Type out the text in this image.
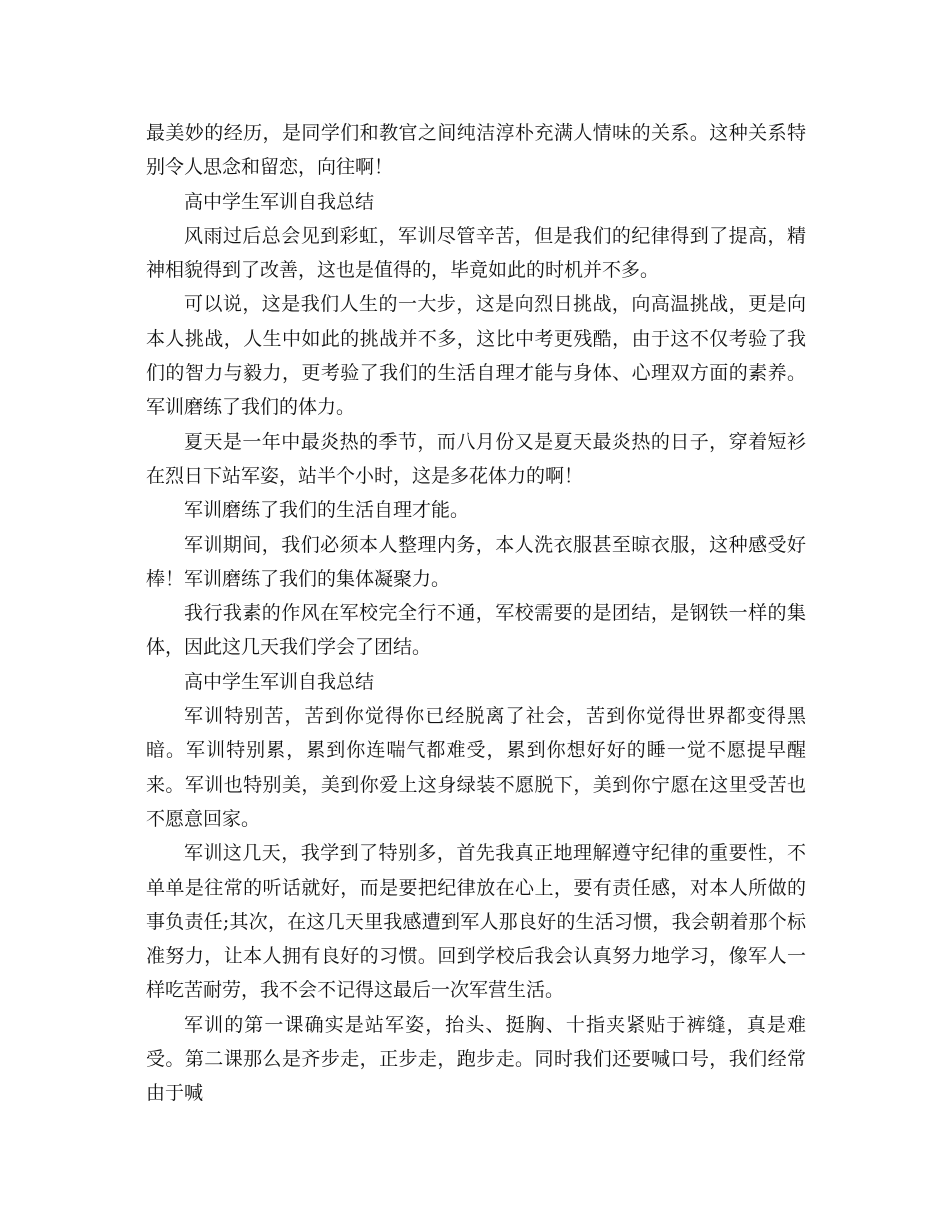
最美妙的经历，是同学们和教官之间纯洁淳朴充满人情味的关系。这种关系特别令人思念和留恋，向往啊！

高中学生军训自我总结

风雨过后总会见到彩虹，军训尽管辛苦，但是我们的纪律得到了提高，精神相貌得到了改善，这也是值得的，毕竟如此的时机并不多。

可以说，这是我们人生的一大步，这是向烈日挑战，向高温挑战，更是向本人挑战，人生中如此的挑战并不多，这比中考更残酷，由于这不仅考验了我们的智力与毅力，更考验了我们的生活自理才能与身体、心理双方面的素养。军训磨练了我们的体力。

夏天是一年中最炎热的季节，而八月份又是夏天最炎热的日子，穿着短衫在烈日下站军姿，站半个小时，这是多花体力的啊！

军训磨练了我们的生活自理才能。

军训期间，我们必须本人整理内务，本人洗衣服甚至晾衣服，这种感受好棒！军训磨练了我们的集体凝聚力。

我行我素的作风在军校完全行不通，军校需要的是团结，是钢铁一样的集体，因此这几天我们学会了团结。

高中学生军训自我总结

军训特别苦，苦到你觉得你已经脱离了社会，苦到你觉得世界都变得黑暗。军训特别累，累到你连喘气都难受，累到你想好好的睡一觉不愿提早醒来。军训也特别美，美到你爱上这身绿装不愿脱下，美到你宁愿在这里受苦也不愿意回家。

军训这几天，我学到了特别多，首先我真正地理解遵守纪律的重要性，不单单是往常的听话就好，而是要把纪律放在心上，要有责任感，对本人所做的事负责任;其次，在这几天里我感遭到军人那良好的生活习惯，我会朝着那个标准努力，让本人拥有良好的习惯。回到学校后我会认真努力地学习，像军人一样吃苦耐劳，我不会不记得这最后一次军营生活。

军训的第一课确实是站军姿，抬头、挺胸、十指夹紧贴于裤缝，真是难受。第二课那么是齐步走，正步走，跑步走。同时我们还要喊口号，我们经常由于喊
